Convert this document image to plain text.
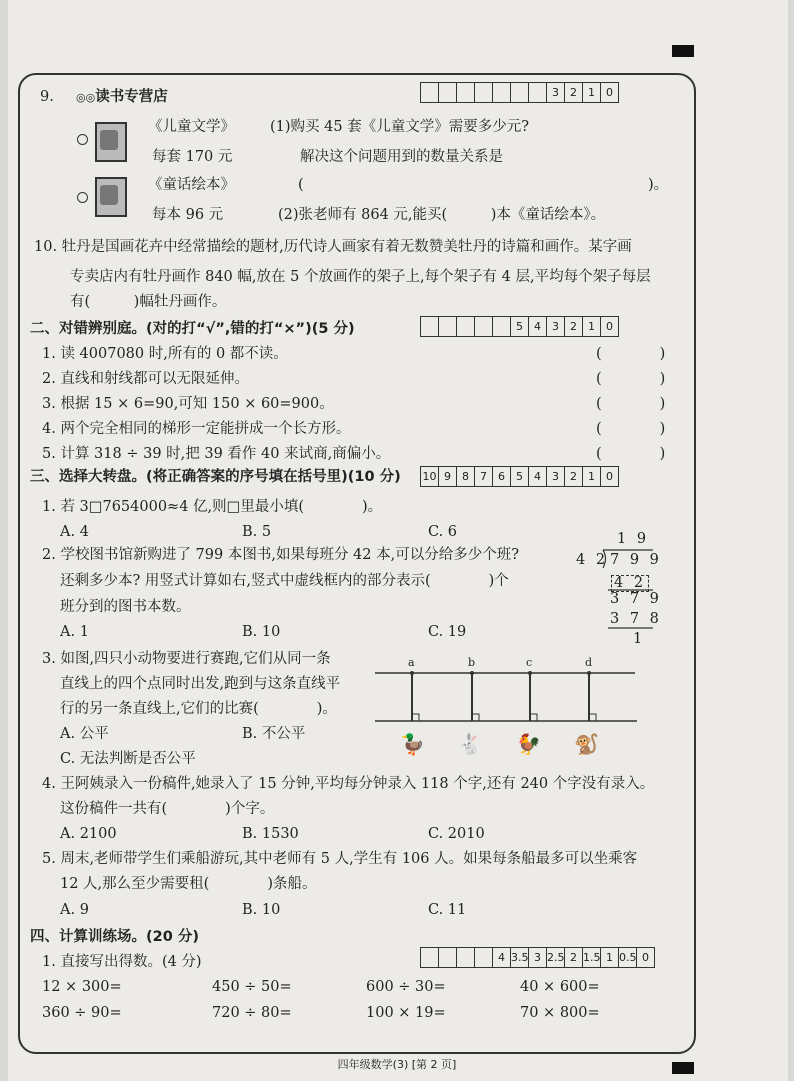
9. ◎◎读书专营店	3	2	1	0
《儿童文学》
每套 170 元
《童话绘本》
每本 96 元
(1)购买 45 套《儿童文学》需要多少元?
解决这个问题用到的数量关系是
(	)。
(2)张老师有 864 元,能买(　　　)本《童话绘本》。
10. 牡丹是国画花卉中经常描绘的题材,历代诗人画家有着无数赞美牡丹的诗篇和画作。某字画
专卖店内有牡丹画作 840 幅,放在 5 个放画作的架子上,每个架子有 4 层,平均每个架子每层
有(　　　)幅牡丹画作。
二、对错辨别庭。(对的打“√”,错的打“×”)(5 分)	5	4	3	2	1	0
1. 读 4007080 时,所有的 0 都不读。	(　　　　)
2. 直线和射线都可以无限延伸。	(　　　　)
3. 根据 15 × 6=90,可知 150 × 60=900。	(　　　　)
4. 两个完全相同的梯形一定能拼成一个长方形。	(　　　　)
5. 计算 318 ÷ 39 时,把 39 看作 40 来试商,商偏小。	(　　　　)
三、选择大转盘。(将正确答案的序号填在括号里)(10 分) 10 9	8	7	6	5	4	3	2	1	0
1. 若 3□7654000≈4 亿,则□里最小填(　　　　)。
A. 4	B. 5	C. 6
2. 学校图书馆新购进了 799 本图书,如果每班分 42 本,可以分给多少个班?
还剩多少本? 用竖式计算如右,竖式中虚线框内的部分表示(　　　　)个
班分到的图书本数。
A. 1	B. 10	C. 19
1 9
4 2 7 9 9
4 2
3 7 9
3 7 8
1
3. 如图,四只小动物要进行赛跑,它们从同一条
直线上的四个点同时出发,跑到与这条直线平
行的另一条直线上,它们的比赛(　　　　)。
A. 公平	B. 不公平
C. 无法判断是否公平
a	b	c	d
🦆 🐇 🐓 🐒
4. 王阿姨录入一份稿件,她录入了 15 分钟,平均每分钟录入 118 个字,还有 240 个字没有录入。
这份稿件一共有(　　　　)个字。
A. 2100	B. 1530	C. 2010
5. 周末,老师带学生们乘船游玩,其中老师有 5 人,学生有 106 人。如果每条船最多可以坐乘客
12 人,那么至少需要租(　　　　)条船。
A. 9	B. 10	C. 11
四、计算训练场。(20 分)
4 3.5 3 2.5 2 1.5 1 0.5 0
1. 直接写出得数。(4 分)
12 × 300=	450 ÷ 50=	600 ÷ 30=	40 × 600=
360 ÷ 90=	720 ÷ 80=	100 × 19=	70 × 800=
四年级数学(3) [第 2 页]
